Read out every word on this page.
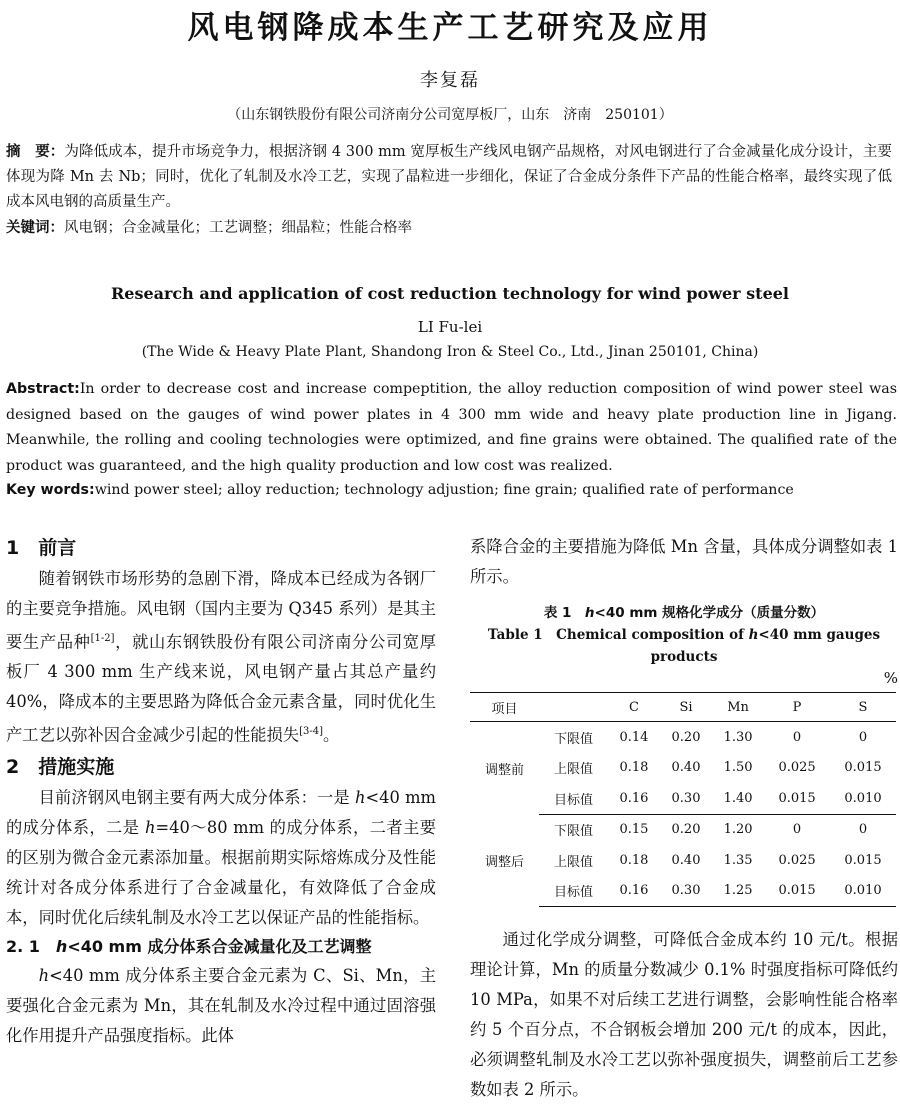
风电钢降成本生产工艺研究及应用
李复磊
（山东钢铁股份有限公司济南分公司宽厚板厂，山东　济南　250101）
摘　要：为降低成本，提升市场竞争力，根据济钢 4 300 mm 宽厚板生产线风电钢产品规格，对风电钢进行了合金减量化成分设计，主要体现为降 Mn 去 Nb；同时，优化了轧制及水冷工艺，实现了晶粒进一步细化，保证了合金成分条件下产品的性能合格率，最终实现了低成本风电钢的高质量生产。
关键词：风电钢；合金减量化；工艺调整；细晶粒；性能合格率
Research and application of cost reduction technology for wind power steel
LI Fu-lei
(The Wide & Heavy Plate Plant, Shandong Iron & Steel Co., Ltd., Jinan 250101, China)
Abstract:In order to decrease cost and increase compeptition, the alloy reduction composition of wind power steel was designed based on the gauges of wind power plates in 4 300 mm wide and heavy plate production line in Jigang. Meanwhile, the rolling and cooling technologies were optimized, and fine grains were obtained. The qualified rate of the product was guaranteed, and the high quality production and low cost was realized.
Key words:wind power steel; alloy reduction; technology adjustion; fine grain; qualified rate of performance

1　前言

随着钢铁市场形势的急剧下滑，降成本已经成为各钢厂的主要竞争措施。风电钢（国内主要为 Q345 系列）是其主要生产品种[1-2]，就山东钢铁股份有限公司济南分公司宽厚板厂 4 300 mm 生产线来说，风电钢产量占其总产量约 40%，降成本的主要思路为降低合金元素含量，同时优化生产工艺以弥补因合金减少引起的性能损失[3-4]。

2　措施实施

目前济钢风电钢主要有两大成分体系：一是 h<40 mm 的成分体系，二是 h=40～80 mm 的成分体系，二者主要的区别为微合金元素添加量。根据前期实际熔炼成分及性能统计对各成分体系进行了合金减量化，有效降低了合金成本，同时优化后续轧制及水冷工艺以保证产品的性能指标。

2. 1　h<40 mm 成分体系合金减量化及工艺调整

h<40 mm 成分体系主要合金元素为 C、Si、Mn，主要强化合金元素为 Mn，其在轧制及水冷过程中通过固溶强化作用提升产品强度指标。此体

系降合金的主要措施为降低 Mn 含量，具体成分调整如表 1 所示。

表 1　h<40 mm 规格化学成分（质量分数）
Table 1　Chemical composition of h<40 mm gauges products
%
项目		C	Si	Mn	P	S
调整前	下限值	0.14	0.20	1.30	0	0
	上限值	0.18	0.40	1.50	0.025	0.015
	目标值	0.16	0.30	1.40	0.015	0.010
调整后	下限值	0.15	0.20	1.20	0	0
	上限值	0.18	0.40	1.35	0.025	0.015
	目标值	0.16	0.30	1.25	0.015	0.010

通过化学成分调整，可降低合金成本约 10 元/t。根据理论计算，Mn 的质量分数减少 0.1% 时强度指标可降低约 10 MPa，如果不对后续工艺进行调整，会影响性能合格率约 5 个百分点，不合钢板会增加 200 元/t 的成本，因此，必须调整轧制及水冷工艺以弥补强度损失，调整前后工艺参数如表 2 所示。
